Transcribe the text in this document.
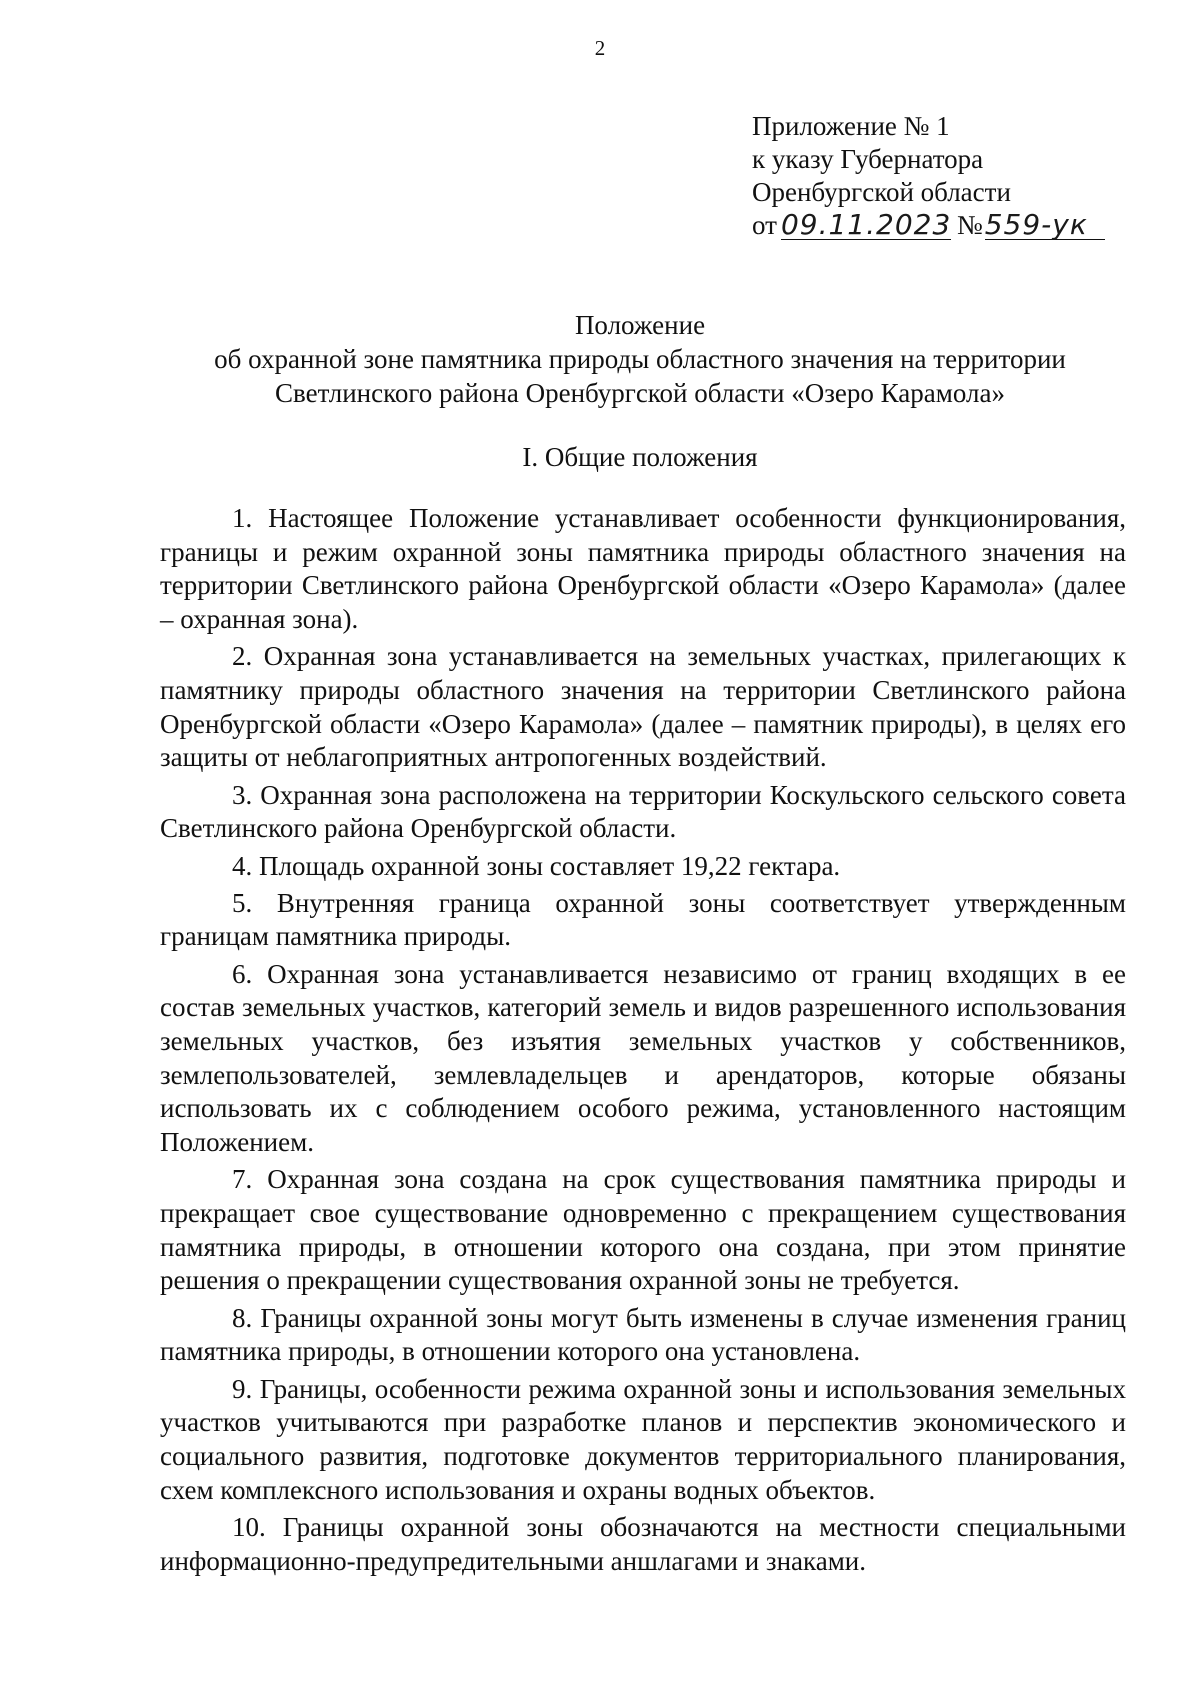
2
Приложение № 1
к указу Губернатора
Оренбургской области
от 09.11.2023 №559-ук
Положение
об охранной зоне памятника природы областного значения на территории
Светлинского района Оренбургской области «Озеро Карамола»
I. Общие положения

1. Настоящее Положение устанавливает особенности функционирования, границы и режим охранной зоны памятника природы областного значения на территории Светлинского района Оренбургской области «Озеро Карамола» (далее – охранная зона).

2. Охранная зона устанавливается на земельных участках, прилегающих к памятнику природы областного значения на территории Светлинского района Оренбургской области «Озеро Карамола» (далее – памятник природы), в целях его защиты от неблагоприятных антропогенных воздействий.

3. Охранная зона расположена на территории Коскульского сельского совета Светлинского района Оренбургской области.

4. Площадь охранной зоны составляет 19,22 гектара.

5. Внутренняя граница охранной зоны соответствует утвержденным границам памятника природы.

6. Охранная зона устанавливается независимо от границ входящих в ее состав земельных участков, категорий земель и видов разрешенного использования земельных участков, без изъятия земельных участков у собственников, землепользователей, землевладельцев и арендаторов, которые обязаны использовать их с соблюдением особого режима, установленного настоящим Положением.

7. Охранная зона создана на срок существования памятника природы и прекращает свое существование одновременно с прекращением существования памятника природы, в отношении которого она создана, при этом принятие решения о прекращении существования охранной зоны не требуется.

8. Границы охранной зоны могут быть изменены в случае изменения границ памятника природы, в отношении которого она установлена.

9. Границы, особенности режима охранной зоны и использования земельных участков учитываются при разработке планов и перспектив экономического и социального развития, подготовке документов территориального планирования, схем комплексного использования и охраны водных объектов.

10. Границы охранной зоны обозначаются на местности специальными информационно-предупредительными аншлагами и знаками.
